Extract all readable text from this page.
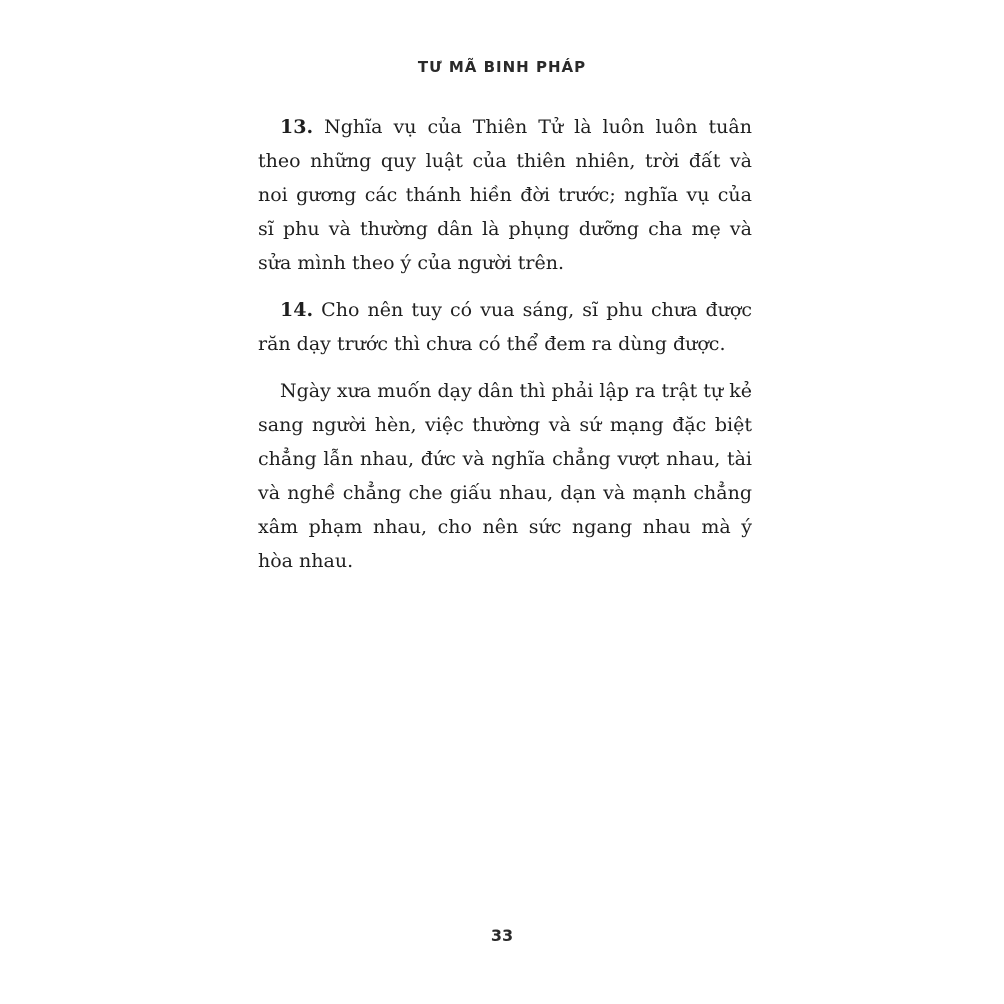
TƯ MÃ BINH PHÁP

13. Nghĩa vụ của Thiên Tử là luôn luôn tuân theo những quy luật của thiên nhiên, trời đất và noi gương các thánh hiền đời trước; nghĩa vụ của sĩ phu và thường dân là phụng dưỡng cha mẹ và sửa mình theo ý của người trên.

14. Cho nên tuy có vua sáng, sĩ phu chưa được răn dạy trước thì chưa có thể đem ra dùng được.

Ngày xưa muốn dạy dân thì phải lập ra trật tự kẻ sang người hèn, việc thường và sứ mạng đặc biệt chẳng lẫn nhau, đức và nghĩa chẳng vượt nhau, tài và nghề chẳng che giấu nhau, dạn và mạnh chẳng xâm phạm nhau, cho nên sức ngang nhau mà ý hòa nhau.

33
